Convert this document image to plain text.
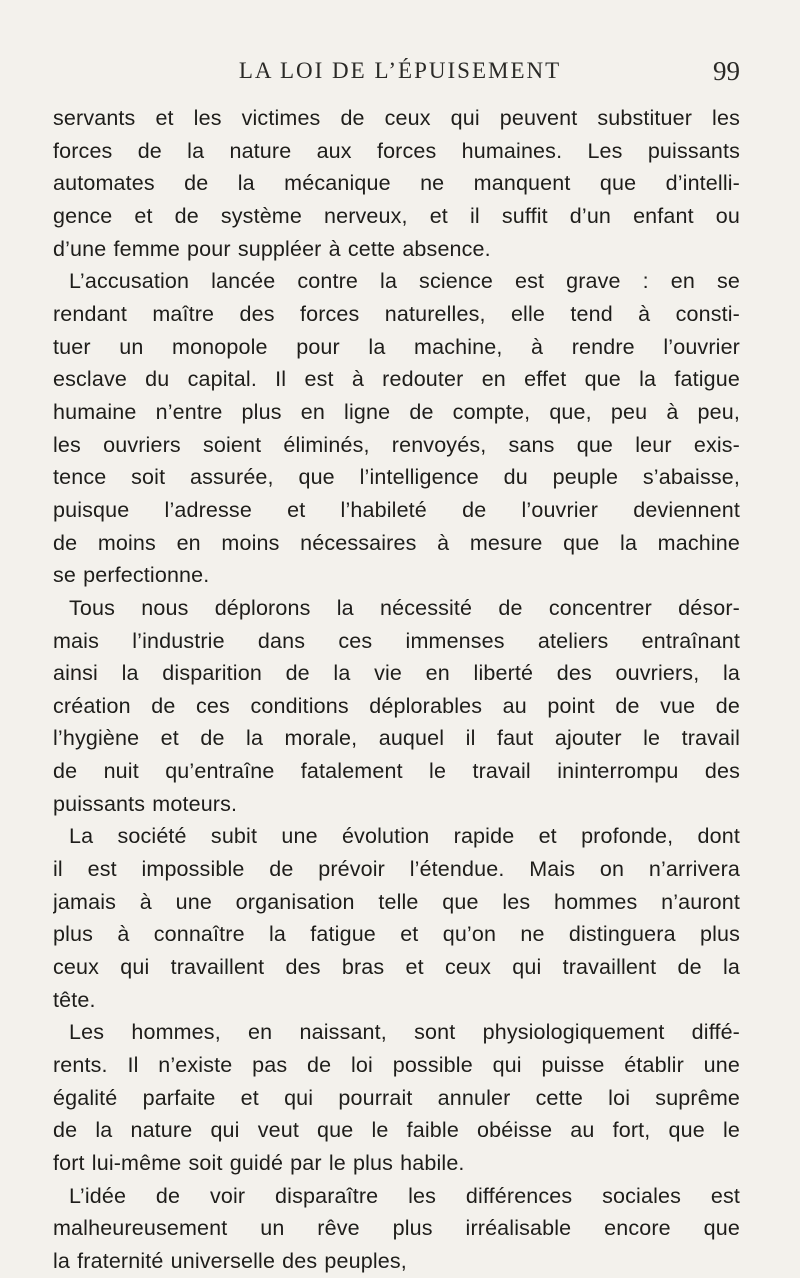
LA LOI DE L’ÉPUISEMENT	99
servants et les victimes de ceux qui peuvent substituer les
forces de la nature aux forces humaines. Les puissants
automates de la mécanique ne manquent que d’intelli-
gence et de système nerveux, et il suffit d’un enfant ou
d’une femme pour suppléer à cette absence.
L’accusation lancée contre la science est grave : en se
rendant maître des forces naturelles, elle tend à consti-
tuer un monopole pour la machine, à rendre l’ouvrier
esclave du capital. Il est à redouter en effet que la fatigue
humaine n’entre plus en ligne de compte, que, peu à peu,
les ouvriers soient éliminés, renvoyés, sans que leur exis-
tence soit assurée, que l’intelligence du peuple s’abaisse,
puisque l’adresse et l’habileté de l’ouvrier deviennent
de moins en moins nécessaires à mesure que la machine
se perfectionne.
Tous nous déplorons la nécessité de concentrer désor-
mais l’industrie dans ces immenses ateliers entraînant
ainsi la disparition de la vie en liberté des ouvriers, la
création de ces conditions déplorables au point de vue de
l’hygiène et de la morale, auquel il faut ajouter le travail
de nuit qu’entraîne fatalement le travail ininterrompu des
puissants moteurs.
La société subit une évolution rapide et profonde, dont
il est impossible de prévoir l’étendue. Mais on n’arrivera
jamais à une organisation telle que les hommes n’auront
plus à connaître la fatigue et qu’on ne distinguera plus
ceux qui travaillent des bras et ceux qui travaillent de la
tête.
Les hommes, en naissant, sont physiologiquement diffé-
rents. Il n’existe pas de loi possible qui puisse établir une
égalité parfaite et qui pourrait annuler cette loi suprême
de la nature qui veut que le faible obéisse au fort, que le
fort lui-même soit guidé par le plus habile.
L’idée de voir disparaître les différences sociales est
malheureusement un rêve plus irréalisable encore que
la fraternité universelle des peuples,
